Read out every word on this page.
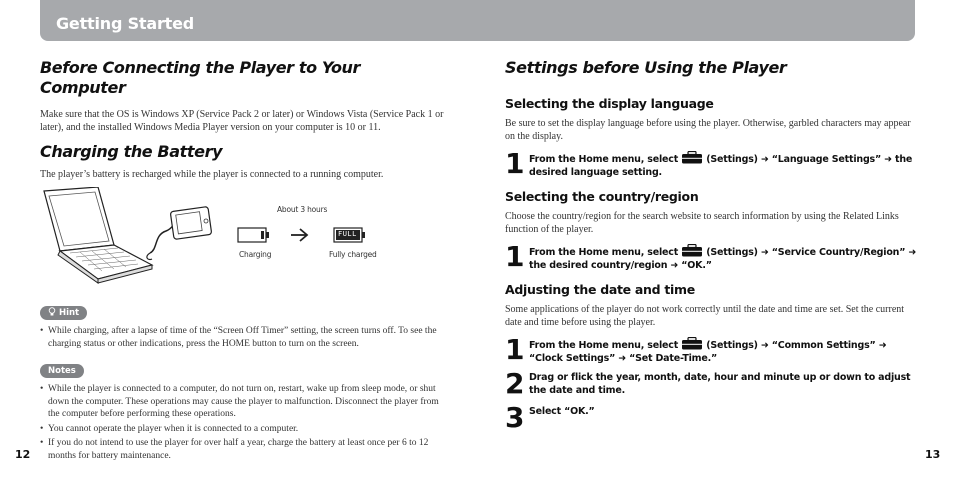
Getting Started
Before Connecting the Player to Your Computer

Make sure that the OS is Windows XP (Service Pack 2 or later) or Windows Vista (Service Pack 1 or later), and the installed Windows Media Player version on your computer is 10 or 11.

Charging the Battery

The player’s battery is recharged while the player is connected to a running computer.

About 3 hours
Charging
FULL
Fully charged
Hint
• While charging, after a lapse of time of the “Screen Off Timer” setting, the screen turns off. To see the charging status or other indications, press the HOME button to turn on the screen.
Notes
• While the player is connected to a computer, do not turn on, restart, wake up from sleep mode, or shut down the computer. These operations may cause the player to malfunction. Disconnect the player from the computer before performing these operations.
• You cannot operate the player when it is connected to a computer.
• If you do not intend to use the player for over half a year, charge the battery at least once per 6 to 12 months for battery maintenance.
12
Settings before Using the Player
Selecting the display language

Be sure to set the display language before using the player. Otherwise, garbled characters may appear on the display.

1 From the Home menu, select  (Settings) ➜ “Language Settings” ➜ the desired language setting.
Selecting the country/region

Choose the country/region for the search website to search information by using the Related Links function of the player.

1 From the Home menu, select  (Settings) ➜ “Service Country/Region” ➜ the desired country/region ➜ “OK.”
Adjusting the date and time

Some applications of the player do not work correctly until the date and time are set. Set the current date and time before using the player.

1 From the Home menu, select  (Settings) ➜ “Common Settings” ➜ “Clock Settings” ➜ “Set Date-Time.”
2 Drag or flick the year, month, date, hour and minute up or down to adjust the date and time.
3 Select “OK.”
13
